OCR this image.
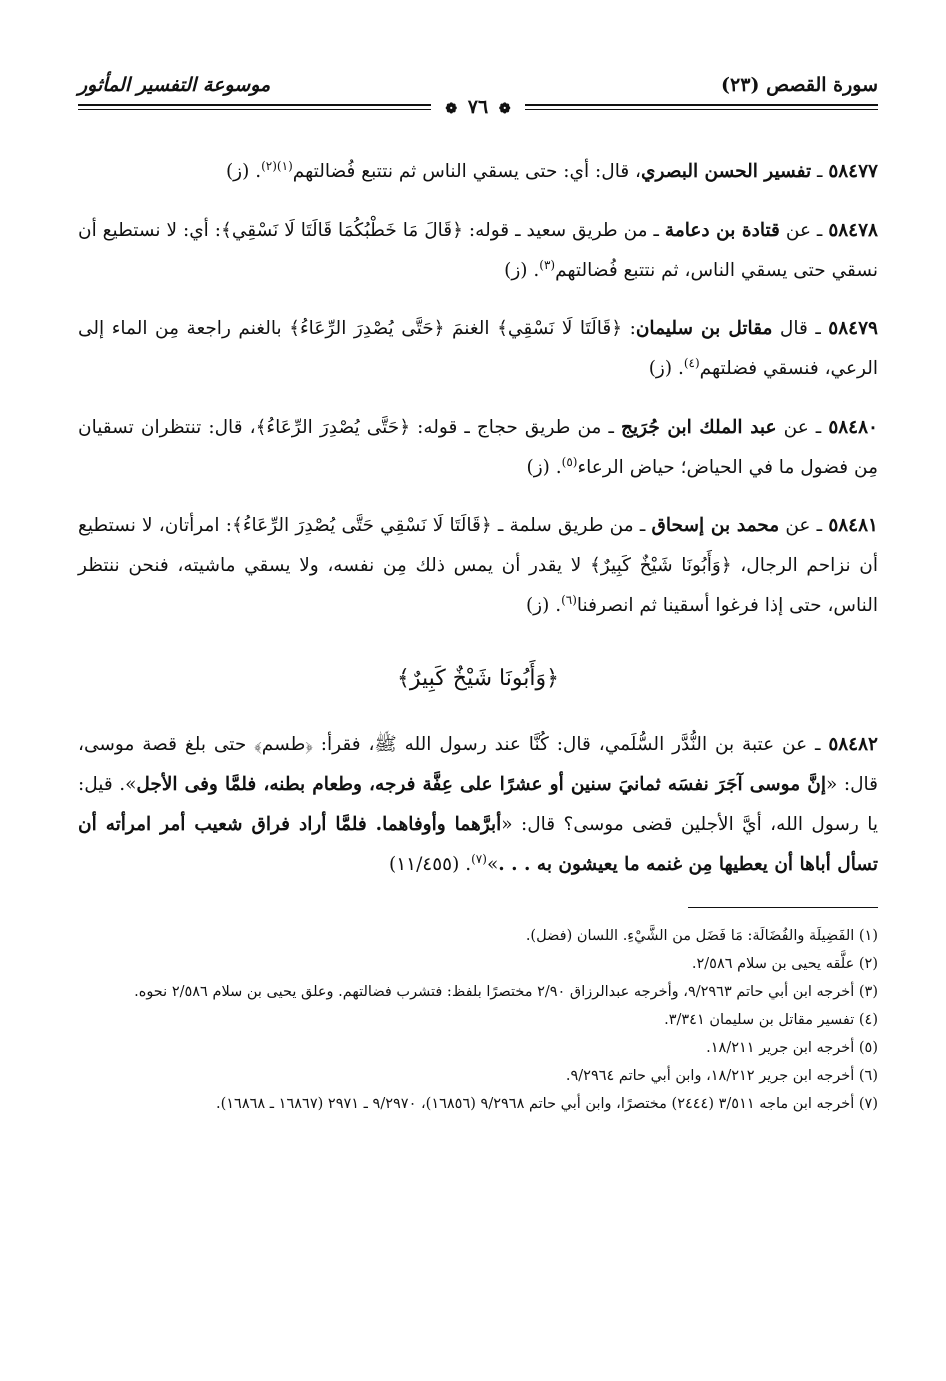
سورة القصص (٢٣)
موسوعة التفسير المأثور
❁ ٧٦ ❁

٥٨٤٧٧ ـ تفسير الحسن البصري، قال: أي: حتى يسقي الناس ثم نتتبع فُضالتهم$^{(١)(٢)}$. (ز)

٥٨٤٧٨ ـ عن قتادة بن دعامة ـ من طريق سعيد ـ قوله: ﴿قَالَ مَا خَطْبُكُمَا قَالَتَا لَا نَسْقِي﴾: أي: لا نستطيع أن نسقي حتى يسقي الناس، ثم نتتبع فُضالتهم$^{(٣)}$. (ز)

٥٨٤٧٩ ـ قال مقاتل بن سليمان: ﴿قَالَتَا لَا نَسْقِي﴾ الغنمَ ﴿حَتَّى يُصْدِرَ الرِّعَاءُ﴾ بالغنم راجعة مِن الماء إلى الرعي، فنسقي فضلتهم$^{(٤)}$. (ز)

٥٨٤٨٠ ـ عن عبد الملك ابن جُرَيج ـ من طريق حجاج ـ قوله: ﴿حَتَّى يُصْدِرَ الرِّعَاءُ﴾، قال: تنتظران تسقيان مِن فضول ما في الحياض؛ حياض الرعاء$^{(٥)}$. (ز)

٥٨٤٨١ ـ عن محمد بن إسحاق ـ من طريق سلمة ـ ﴿قَالَتَا لَا نَسْقِي حَتَّى يُصْدِرَ الرِّعَاءُ﴾: امرأتان، لا نستطيع أن نزاحم الرجال، ﴿وَأَبُونَا شَيْخٌ كَبِيرٌ﴾ لا يقدر أن يمس ذلك مِن نفسه، ولا يسقي ماشيته، فنحن ننتظر الناس، حتى إذا فرغوا أسقينا ثم انصرفنا$^{(٦)}$. (ز)

﴿وَأَبُونَا شَيْخٌ كَبِيرٌ﴾

٥٨٤٨٢ ـ عن عتبة بن النُّدَّر السُّلَمي، قال: كُنَّا عند رسول الله ﷺ، فقرأ: ﴿طسم﴾ حتى بلغ قصة موسى، قال: «إنَّ موسى آجَرَ نفسَه ثمانيَ سنين أو عشرًا على عِفَّة فرجه، وطعام بطنه، فلمَّا وفى الأجل». قيل: يا رسول الله، أيَّ الأجلين قضى موسى؟ قال: «أبرَّهما وأوفاهما. فلمَّا أراد فراق شعيب أمر امرأته أن تسأل أباها أن يعطيها مِن غنمه ما يعيشون به . . .»$^{(٧)}$. (١١/٤٥٥)

(١) الفَضِيلَة والفُضَالَة: مَا فَضَل من الشَّيْءِ. اللسان (فضل).
(٢) علَّقه يحيى بن سلام ٢/٥٨٦.
(٣) أخرجه ابن أبي حاتم ٩/٢٩٦٣، وأخرجه عبدالرزاق ٢/٩٠ مختصرًا بلفظ: فتشرب فضالتهم. وعلق يحيى بن سلام ٢/٥٨٦ نحوه.
(٤) تفسير مقاتل بن سليمان ٣/٣٤١.
(٥) أخرجه ابن جرير ١٨/٢١١.
(٦) أخرجه ابن جرير ١٨/٢١٢، وابن أبي حاتم ٩/٢٩٦٤.
(٧) أخرجه ابن ماجه ٣/٥١١ (٢٤٤٤) مختصرًا، وابن أبي حاتم ٩/٢٩٦٨ (١٦٨٥٦)، ٩/٢٩٧٠ ـ ٢٩٧١ (١٦٨٦٧ ـ ١٦٨٦٨).
